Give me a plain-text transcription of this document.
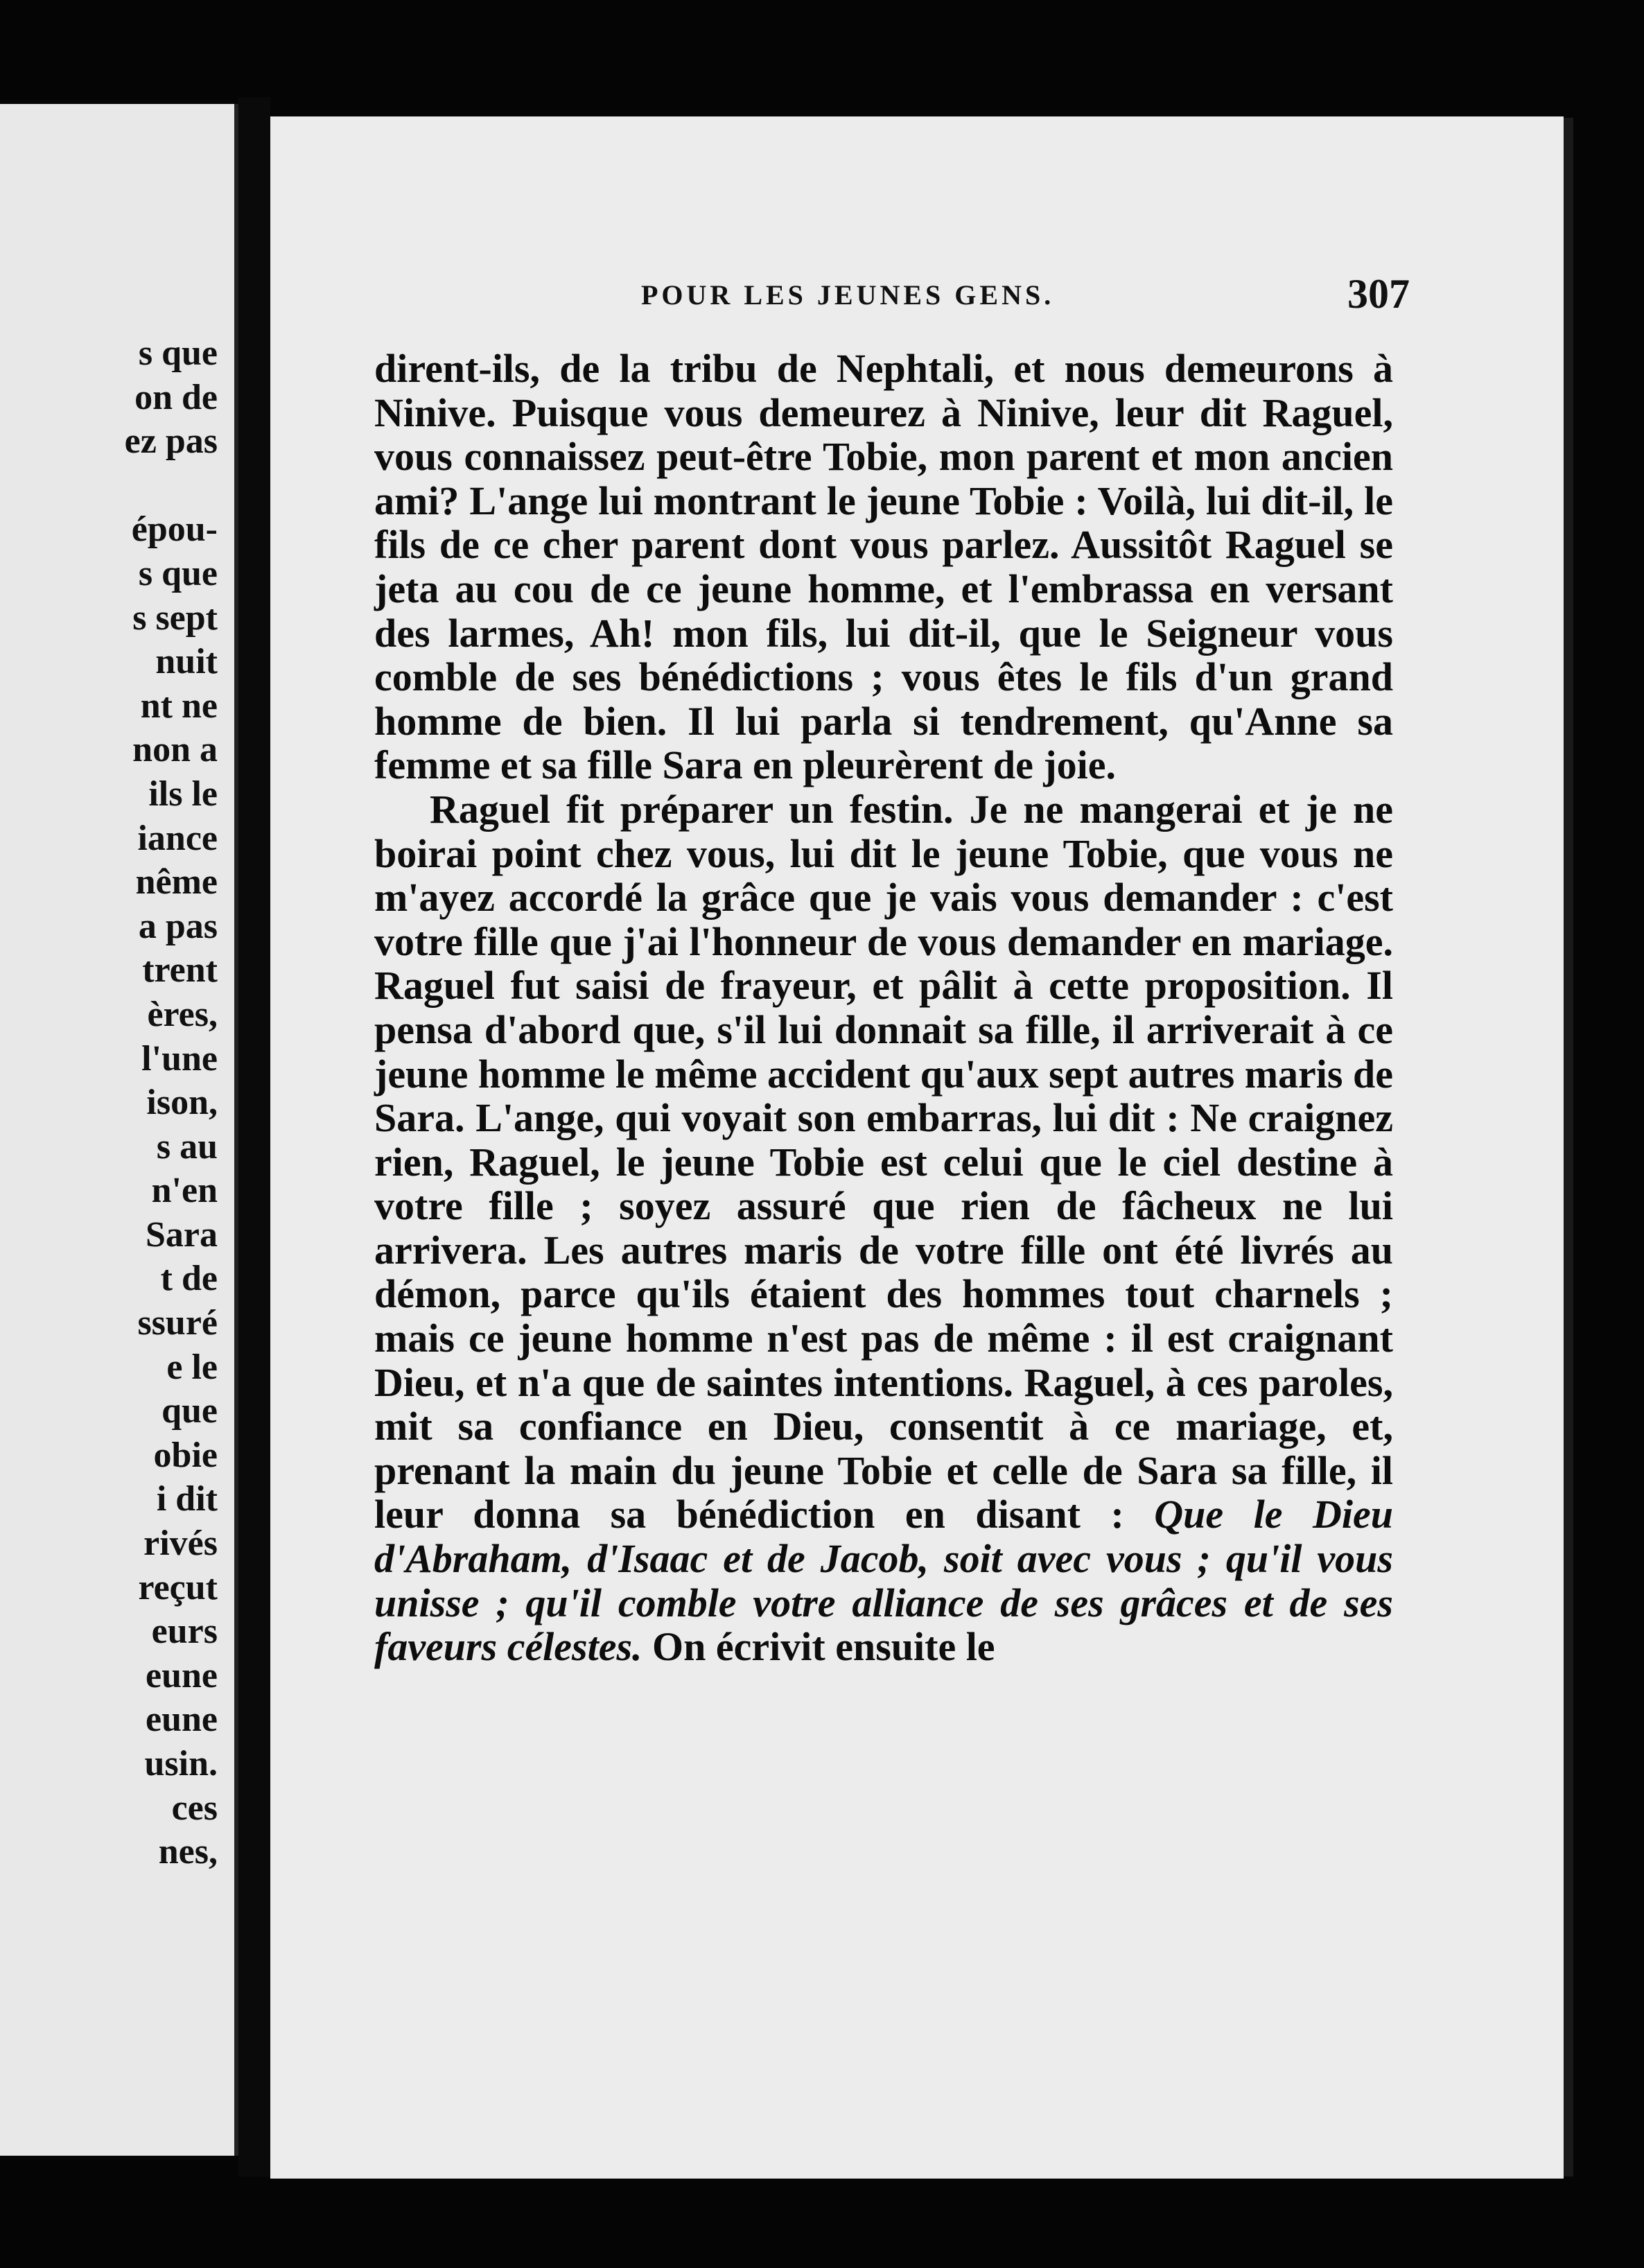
s que
on de
ez pas

épou-
s que
s sept
nuit
nt ne
non a
ils le
iance
nême
a pas
trent
ères,
l'une
ison,
s au
n'en
Sara
t de
ssuré
e le
que
obie
i dit
rivés
reçut
eurs
eune
eune
usin.
ces
nes,
POUR LES JEUNES GENS.	307

dirent-ils, de la tribu de Nephtali, et nous demeurons à Ninive. Puisque vous demeurez à Ninive, leur dit Raguel, vous connaissez peut-être Tobie, mon parent et mon ancien ami? L'ange lui montrant le jeune Tobie : Voilà, lui dit-il, le fils de ce cher parent dont vous parlez. Aussitôt Raguel se jeta au cou de ce jeune homme, et l'embrassa en versant des larmes, Ah! mon fils, lui dit-il, que le Seigneur vous comble de ses bénédictions ; vous êtes le fils d'un grand homme de bien. Il lui parla si tendrement, qu'Anne sa femme et sa fille Sara en pleurèrent de joie.

Raguel fit préparer un festin. Je ne mangerai et je ne boirai point chez vous, lui dit le jeune Tobie, que vous ne m'ayez accordé la grâce que je vais vous demander : c'est votre fille que j'ai l'honneur de vous demander en mariage. Raguel fut saisi de frayeur, et pâlit à cette proposition. Il pensa d'abord que, s'il lui donnait sa fille, il arriverait à ce jeune homme le même accident qu'aux sept autres maris de Sara. L'ange, qui voyait son embarras, lui dit : Ne craignez rien, Raguel, le jeune Tobie est celui que le ciel destine à votre fille ; soyez assuré que rien de fâcheux ne lui arrivera. Les autres maris de votre fille ont été livrés au démon, parce qu'ils étaient des hommes tout charnels ; mais ce jeune homme n'est pas de même : il est craignant Dieu, et n'a que de saintes intentions. Raguel, à ces paroles, mit sa confiance en Dieu, consentit à ce mariage, et, prenant la main du jeune Tobie et celle de Sara sa fille, il leur donna sa bénédiction en disant : Que le Dieu d'Abraham, d'Isaac et de Jacob, soit avec vous ; qu'il vous unisse ; qu'il comble votre alliance de ses grâces et de ses faveurs célestes. On écrivit ensuite le
